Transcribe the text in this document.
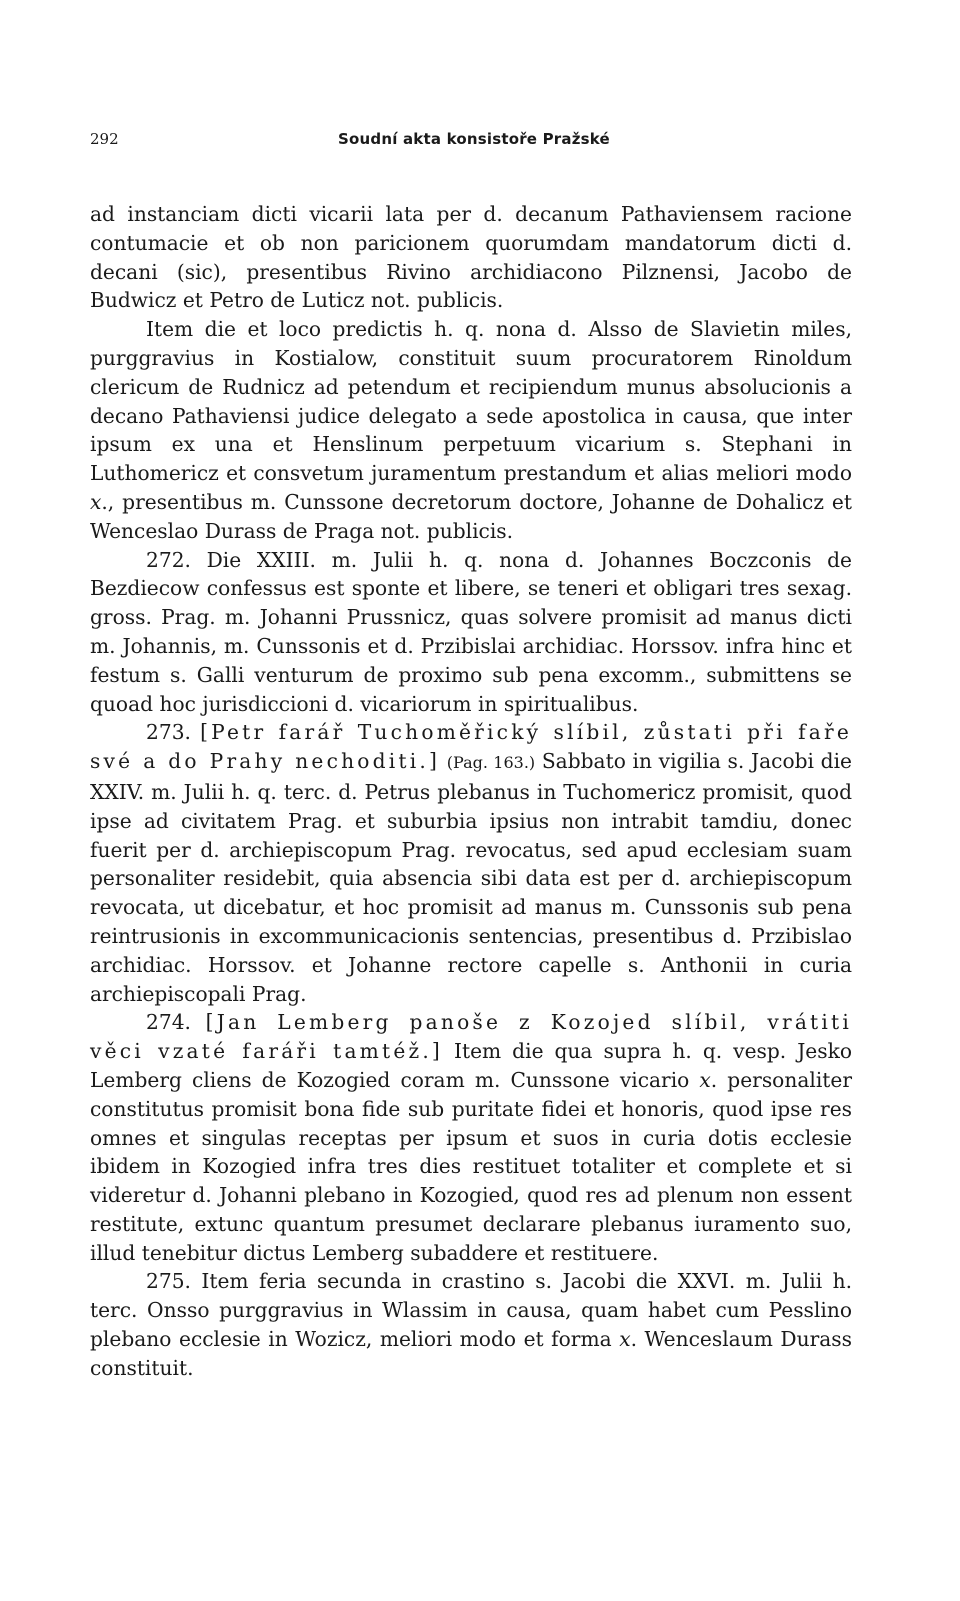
292	Soudní akta konsistoře Pražské

ad instanciam dicti vicarii lata per d. decanum Pathaviensem racione contumacie et ob non paricionem quorumdam mandatorum dicti d. decani (sic), presentibus Rivino archidiacono Pilznensi, Jacobo de Budwicz et Petro de Luticz not. publicis.

Item die et loco predictis h. q. nona d. Alsso de Slavietin miles, purggravius in Kostialow, constituit suum procuratorem Rinoldum clericum de Rudnicz ad petendum et recipiendum munus absolucionis a decano Pathaviensi judice delegato a sede apostolica in causa, que inter ipsum ex una et Henslinum perpetuum vicarium s. Stephani in Luthomericz et consvetum juramentum prestandum et alias meliori modo 𝑥., presentibus m. Cunssone decretorum doctore, Johanne de Dohalicz et Wenceslao Durass de Praga not. publicis.

272. Die XXIII. m. Julii h. q. nona d. Johannes Boczconis de Bezdiecow confessus est sponte et libere, se teneri et obligari tres sexag. gross. Prag. m. Johanni Prussnicz, quas solvere promisit ad manus dicti m. Johannis, m. Cunssonis et d. Przibislai archidiac. Horssov. infra hinc et festum s. Galli venturum de proximo sub pena excomm., submittens se quoad hoc jurisdiccioni d. vicariorum in spiritualibus.

273. [Petr farář Tuchoměřický slíbil, zůstati při faře své a do Prahy nechoditi.] (Pag. 163.) Sabbato in vigilia s. Jacobi die XXIV. m. Julii h. q. terc. d. Petrus plebanus in Tuchomericz promisit, quod ipse ad civitatem Prag. et suburbia ipsius non intrabit tamdiu, donec fuerit per d. archiepiscopum Prag. revocatus, sed apud ecclesiam suam personaliter residebit, quia absencia sibi data est per d. archiepiscopum revocata, ut dicebatur, et hoc promisit ad manus m. Cunssonis sub pena reintrusionis in excommunicacionis sentencias, presentibus d. Przibislao archidiac. Horssov. et Johanne rectore capelle s. Anthonii in curia archiepiscopali Prag.

274. [Jan Lemberg panoše z Kozojed slíbil, vrátiti věci vzaté faráři tamtéž.] Item die qua supra h. q. vesp. Jesko Lemberg cliens de Kozogied coram m. Cunssone vicario 𝑥. personaliter constitutus promisit bona fide sub puritate fidei et honoris, quod ipse res omnes et singulas receptas per ipsum et suos in curia dotis ecclesie ibidem in Kozogied infra tres dies restituet totaliter et complete et si videretur d. Johanni plebano in Kozogied, quod res ad plenum non essent restitute, extunc quantum presumet declarare plebanus iuramento suo, illud tenebitur dictus Lemberg subaddere et restituere.

275. Item feria secunda in crastino s. Jacobi die XXVI. m. Julii h. terc. Onsso purggravius in Wlassim in causa, quam habet cum Pesslino plebano ecclesie in Wozicz, meliori modo et forma 𝑥. Wenceslaum Durass constituit.
